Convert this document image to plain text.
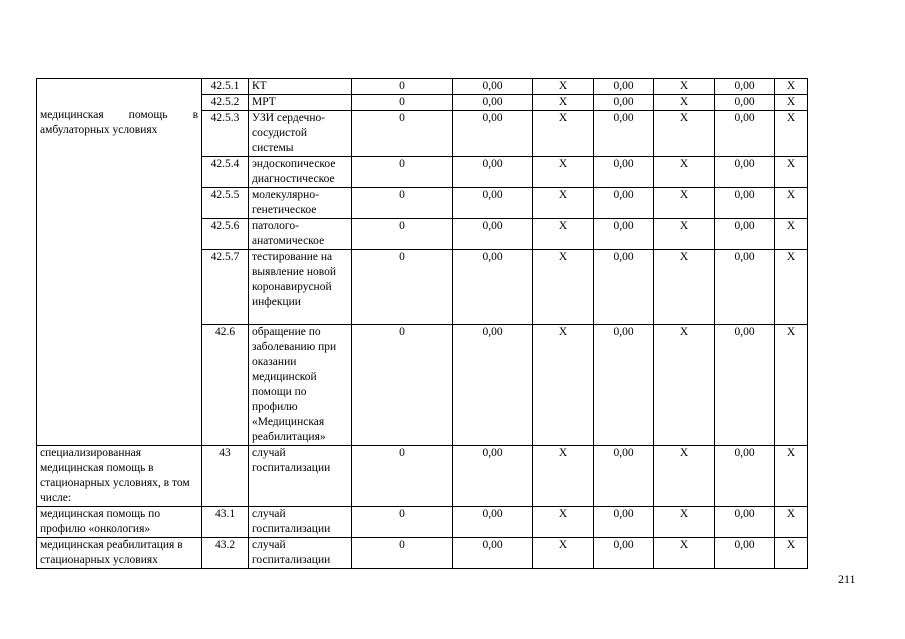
медицинская помощь в амбулаторных условиях	42.5.1	КТ	0	0,00	Х	0,00	Х	0,00	Х
	42.5.2	МРТ	0	0,00	Х	0,00	Х	0,00	Х
	42.5.3	УЗИ сердечно-сосудистой системы	0	0,00	Х	0,00	Х	0,00	Х
	42.5.4	эндоскопическое диагностическое	0	0,00	Х	0,00	Х	0,00	Х
	42.5.5	молекулярно-генетическое	0	0,00	Х	0,00	Х	0,00	Х
	42.5.6	патолого-анатомическое	0	0,00	Х	0,00	Х	0,00	Х
	42.5.7	тестирование на выявление новой коронавирусной инфекции	0	0,00	Х	0,00	Х	0,00	Х
	42.6	обращение по заболеванию при оказании медицинской помощи по профилю «Медицинская реабилитация»	0	0,00	Х	0,00	Х	0,00	Х
специализированная медицинская помощь в стационарных условиях, в том числе:	43	случай госпитализации	0	0,00	Х	0,00	Х	0,00	Х
медицинская помощь по профилю «онкология»	43.1	случай госпитализации	0	0,00	Х	0,00	Х	0,00	Х
медицинская реабилитация в стационарных условиях	43.2	случай госпитализации	0	0,00	Х	0,00	Х	0,00	Х
211
